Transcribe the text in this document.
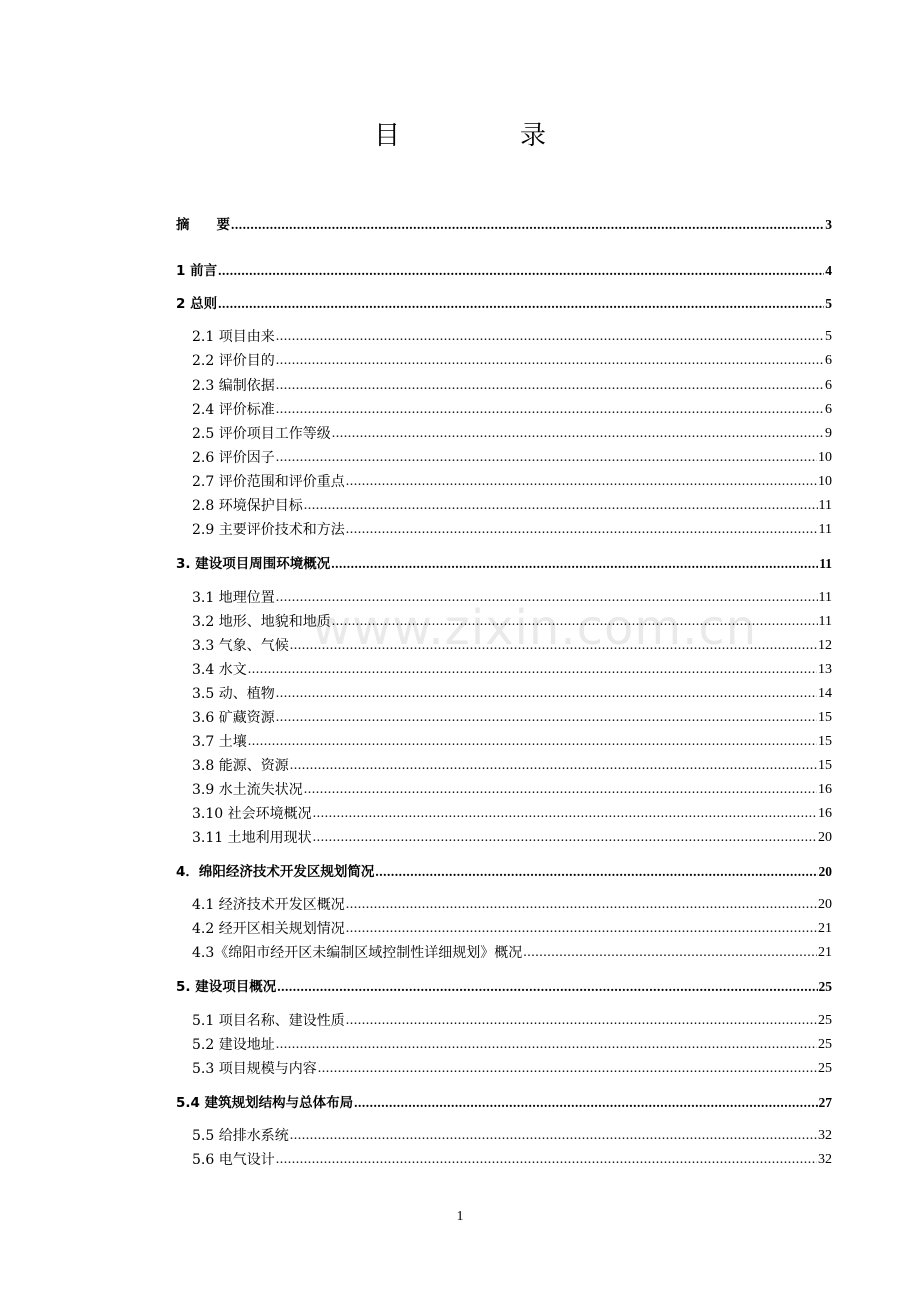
目	录
www.zixin.com.cn
摘　　要 .....	3
1 前言 .....	4
2 总则 .....	5
2.1 项目由来 .....	5
2.2 评价目的 .....	6
2.3 编制依据 .....	6
2.4 评价标准 .....	6
2.5 评价项目工作等级 .....	9
2.6 评价因子 .....	10
2.7 评价范围和评价重点 .....	10
2.8 环境保护目标 .....	11
2.9 主要评价技术和方法 .....	11
3. 建设项目周围环境概况 .....	11
3.1 地理位置 .....	11
3.2 地形、地貌和地质 .....	11
3.3 气象、气候 .....	12
3.4 水文 .....	13
3.5 动、植物 .....	14
3.6 矿藏资源 .....	15
3.7 土壤 .....	15
3.8 能源、资源 .....	15
3.9 水土流失状况 .....	16
3.10 社会环境概况 .....	16
3.11 土地利用现状 .....	20
4．绵阳经济技术开发区规划简况 .....	20
4.1 经济技术开发区概况 .....	20
4.2 经开区相关规划情况 .....	21
4.3《绵阳市经开区未编制区域控制性详细规划》概况 .....	21
5. 建设项目概况 .....	25
5.1 项目名称、建设性质 .....	25
5.2 建设地址 .....	25
5.3 项目规模与内容 .....	25
5.4 建筑规划结构与总体布局 .....	27
5.5 给排水系统 .....	32
5.6 电气设计 .....	32
1
